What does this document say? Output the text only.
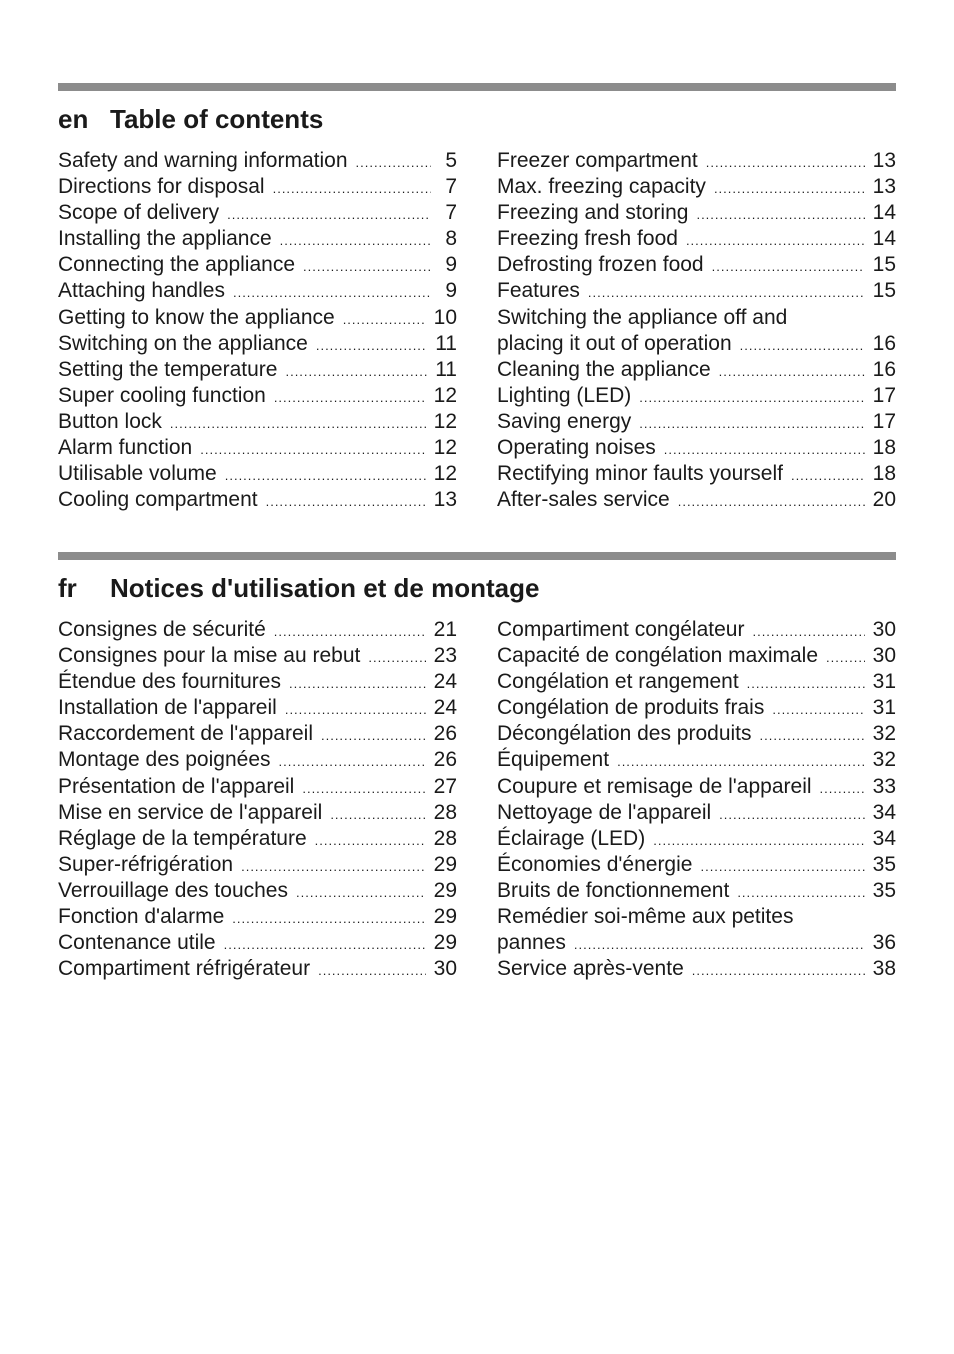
en Table of contents
Safety and warning information .....	5
Directions for disposal .....	7
Scope of delivery .....	7
Installing the appliance .....	8
Connecting the appliance .....	9
Attaching handles .....	9
Getting to know the appliance .....	10
Switching on the appliance .....	11
Setting the temperature .....	11
Super cooling function .....	12
Button lock .....	12
Alarm function .....	12
Utilisable volume .....	12
Cooling compartment .....	13
Freezer compartment .....	13
Max. freezing capacity .....	13
Freezing and storing .....	14
Freezing fresh food .....	14
Defrosting frozen food .....	15
Features .....	15
Switching the appliance off and
placing it out of operation .....	16
Cleaning the appliance .....	16
Lighting (LED) .....	17
Saving energy .....	17
Operating noises .....	18
Rectifying minor faults yourself .....	18
After-sales service .....	20
fr	Notices d'utilisation et de montage
Consignes de sécurité .....	21
Consignes pour la mise au rebut .....	23
Étendue des fournitures .....	24
Installation de l'appareil .....	24
Raccordement de l'appareil .....	26
Montage des poignées .....	26
Présentation de l'appareil .....	27
Mise en service de l'appareil .....	28
Réglage de la température .....	28
Super-réfrigération .....	29
Verrouillage des touches .....	29
Fonction d'alarme .....	29
Contenance utile .....	29
Compartiment réfrigérateur .....	30
Compartiment congélateur .....	30
Capacité de congélation maximale .....	30
Congélation et rangement .....	31
Congélation de produits frais .....	31
Décongélation des produits .....	32
Équipement .....	32
Coupure et remisage de l'appareil .....	33
Nettoyage de l'appareil .....	34
Éclairage (LED) .....	34
Économies d'énergie .....	35
Bruits de fonctionnement .....	35
Remédier soi-même aux petites
pannes .....	36
Service après-vente .....	38
